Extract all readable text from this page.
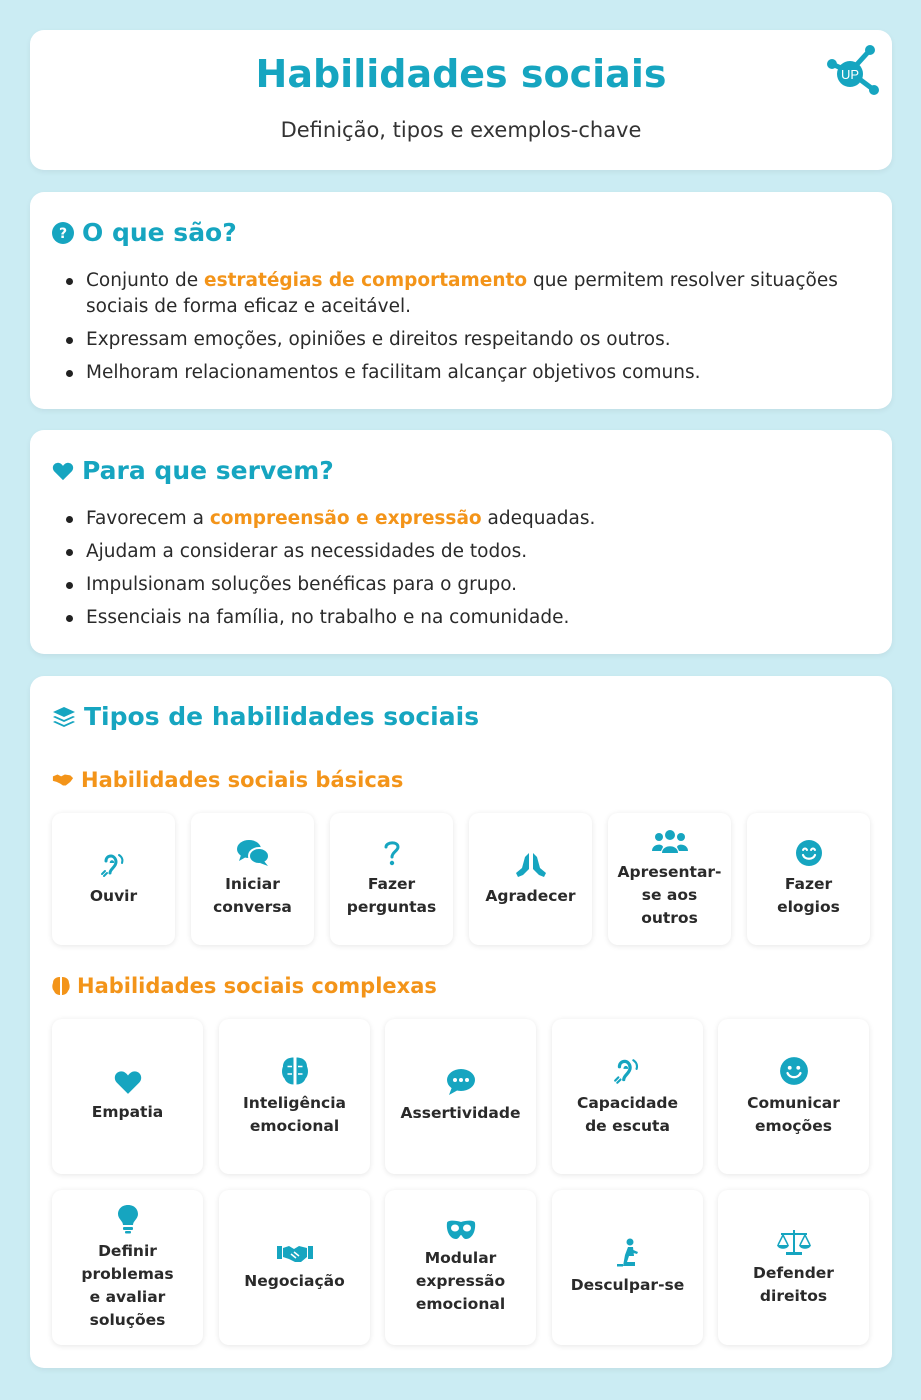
Habilidades sociais
Definição, tipos e exemplos-chave
UP
? O que são?
Conjunto de estratégias de comportamento que permitem resolver situações sociais de forma eficaz e aceitável.
Expressam emoções, opiniões e direitos respeitando os outros.
Melhoram relacionamentos e facilitam alcançar objetivos comuns.
Para que servem?
Favorecem a compreensão e expressão adequadas.
Ajudam a considerar as necessidades de todos.
Impulsionam soluções benéficas para o grupo.
Essenciais na família, no trabalho e na comunidade.
Tipos de habilidades sociais
Habilidades sociais básicas
Ouvir
Iniciar conversa
Fazer perguntas
Agradecer
Apresentar-se aos outros
Fazer elogios
Habilidades sociais complexas
Empatia
Inteligência emocional
Assertividade
Capacidade de escuta
Comunicar emoções
Definir problemas e avaliar soluções
Negociação
Modular expressão emocional
Desculpar-se
Defender direitos
